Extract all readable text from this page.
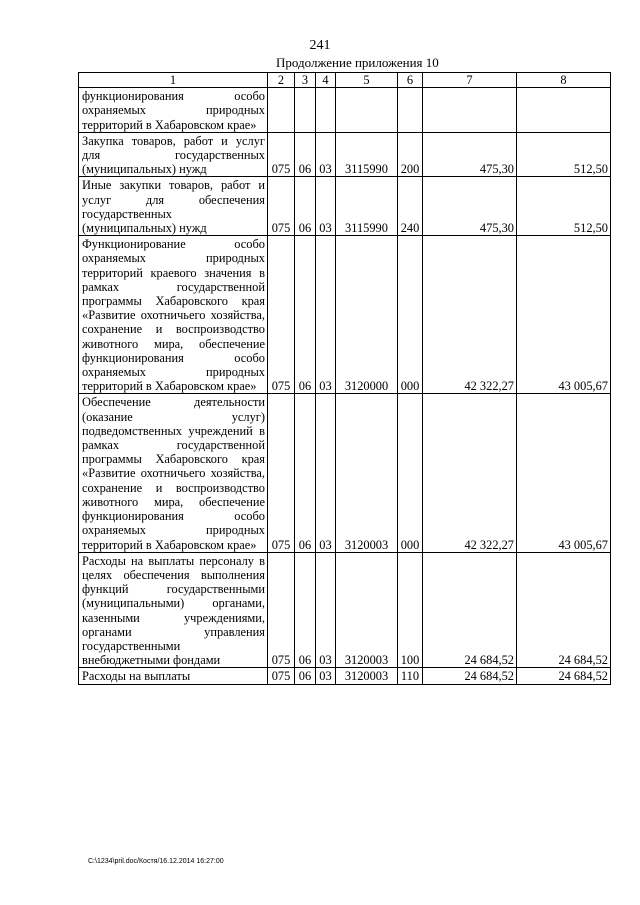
241
Продолжение приложения 10
1	2	3	4	5	6	7	8
функционирования особо охраняемых природных территорий в Хабаровском крае»							
Закупка товаров, работ и услуг для государственных (муниципальных) нужд	075	06	03	3115990	200	475,30	512,50
Иные закупки товаров, работ и услуг для обеспечения государственных (муниципальных) нужд	075	06	03	3115990	240	475,30	512,50
Функционирование особо охраняемых природных территорий краевого значения в рамках государственной программы Хабаровского края «Развитие охотничьего хозяйства, сохранение и воспроизводство животного мира, обеспечение функционирования особо охраняемых природных территорий в Хабаровском крае»	075	06	03	3120000	000	42 322,27	43 005,67
Обеспечение деятельности (оказание услуг) подведомственных учреждений в рамках государственной программы Хабаровского края «Развитие охотничьего хозяйства, сохранение и воспроизводство животного мира, обеспечение функционирования особо охраняемых природных территорий в Хабаровском крае»	075	06	03	3120003	000	42 322,27	43 005,67
Расходы на выплаты персоналу в целях обеспечения выполнения функций государственными (муниципальными) органами, казенными учреждениями, органами управления государственными внебюджетными фондами	075	06	03	3120003	100	24 684,52	24 684,52
Расходы на выплаты	075	06	03	3120003	110	24 684,52	24 684,52
C:\1234\pril.doc/Костя/16.12.2014 16:27:00
